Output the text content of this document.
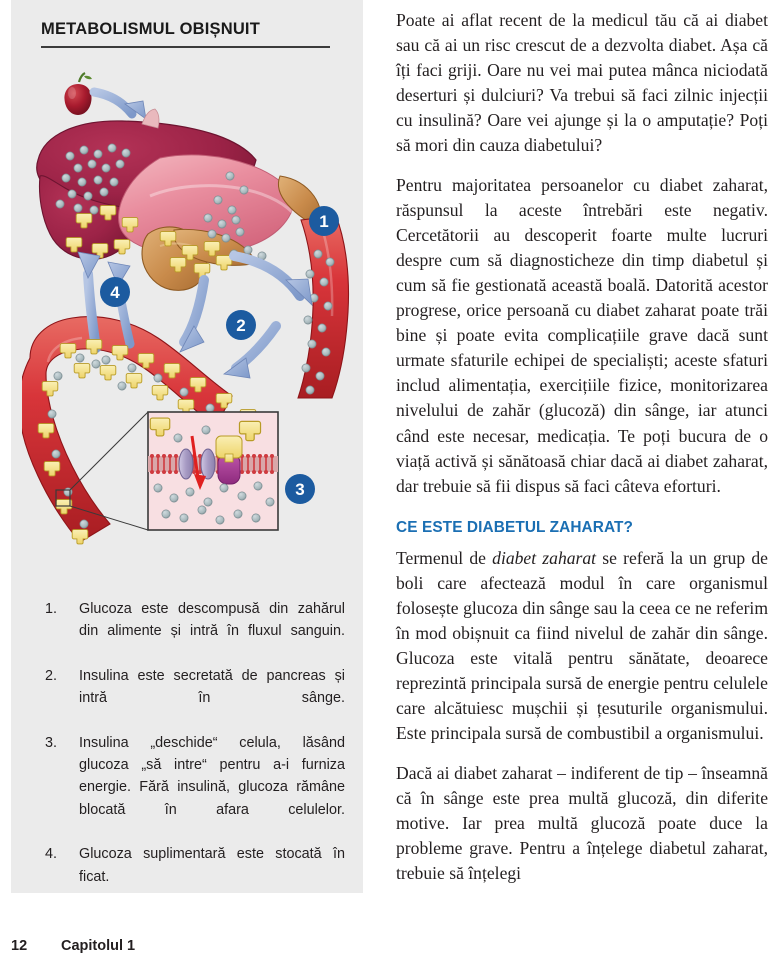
METABOLISMUL OBIȘNUIT
1
2
3
4
1.	Glucoza este descompusă din zahărul din alimente și intră în fluxul sanguin.
2.	Insulina este secretată de pancreas și intră în sânge.
3.	Insulina „deschide“ celula, lăsând glucoza „să intre“ pentru a-i furniza energie. Fără insulină, glucoza rămâne blocată în afara celulelor.
4.	Glucoza suplimentară este stocată în ficat.

Poate ai aflat recent de la medicul tău că ai diabet sau că ai un risc crescut de a dezvolta diabet. Așa că îți faci griji. Oare nu vei mai putea mânca niciodată deserturi și dulciuri? Va trebui să faci zilnic injecții cu insulină? Oare vei ajunge și la o amputație? Poți să mori din cauza diabetului?

Pentru majoritatea persoanelor cu diabet zaharat, răspunsul la aceste întrebări este negativ. Cercetătorii au descoperit foarte multe lucruri despre cum să diagnosticheze din timp diabetul și cum să fie gestionată această boală. Datorită acestor progrese, orice persoană cu diabet zaharat poate trăi bine și poate evita complicațiile grave dacă sunt urmate sfaturile echipei de specialiști; aceste sfaturi includ alimentația, exercițiile fizice, monitorizarea nivelului de zahăr (glucoză) din sânge, iar atunci când este necesar, medicația. Te poți bucura de o viață activă și sănătoasă chiar dacă ai diabet zaharat, dar trebuie să fii dispus să faci câteva eforturi.

CE ESTE DIABETUL ZAHARAT?

Termenul de diabet zaharat se referă la un grup de boli care afectează modul în care organismul folosește glucoza din sânge sau la ceea ce ne referim în mod obișnuit ca fiind nivelul de zahăr din sânge. Glucoza este vitală pentru sănătate, deoarece reprezintă principala sursă de energie pentru celulele care alcătuiesc mușchii și țesuturile organismului. Este principala sursă de combustibil a organismului.

Dacă ai diabet zaharat – indiferent de tip – înseamnă că în sânge este prea multă glucoză, din diferite motive. Iar prea multă glucoză poate duce la probleme grave. Pentru a înțelege diabetul zaharat, trebuie să înțelegi

12 Capitolul 1
